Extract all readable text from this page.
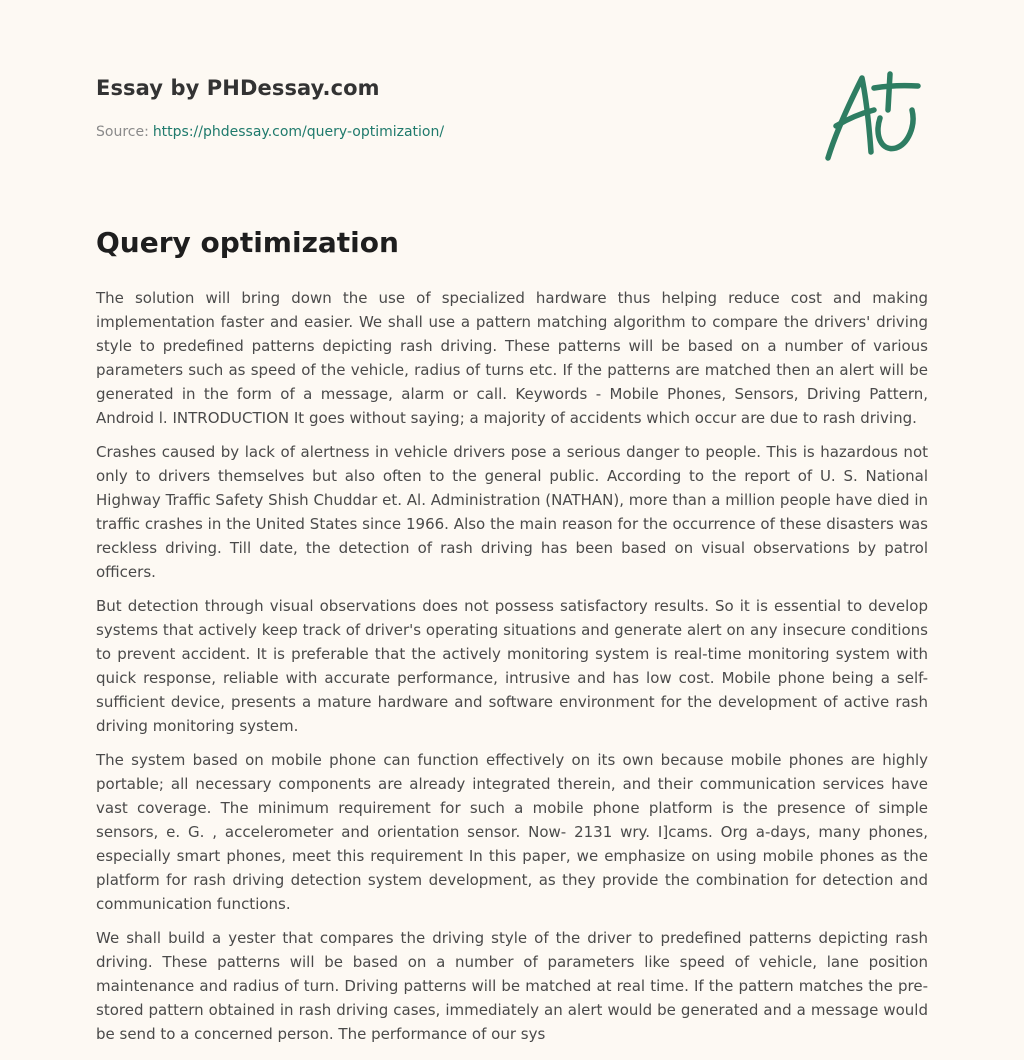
Essay by PHDessay.com
Source: https://phdessay.com/query-optimization/
Query optimization

The solution will bring down the use of specialized hardware thus helping reduce cost and making implementation faster and easier. We shall use a pattern matching algorithm to compare the drivers' driving style to predefined patterns depicting rash driving. These patterns will be based on a number of various parameters such as speed of the vehicle, radius of turns etc. If the patterns are matched then an alert will be generated in the form of a message, alarm or call. Keywords - Mobile Phones, Sensors, Driving Pattern, Android l. INTRODUCTION It goes without saying; a majority of accidents which occur are due to rash driving.

Crashes caused by lack of alertness in vehicle drivers pose a serious danger to people. This is hazardous not only to drivers themselves but also often to the general public. According to the report of U. S. National Highway Traffic Safety Shish Chuddar et. Al. Administration (NATHAN), more than a million people have died in traffic crashes in the United States since 1966. Also the main reason for the occurrence of these disasters was reckless driving. Till date, the detection of rash driving has been based on visual observations by patrol officers.

But detection through visual observations does not possess satisfactory results. So it is essential to develop systems that actively keep track of driver's operating situations and generate alert on any insecure conditions to prevent accident. It is preferable that the actively monitoring system is real-time monitoring system with quick response, reliable with accurate performance, intrusive and has low cost. Mobile phone being a self-sufficient device, presents a mature hardware and software environment for the development of active rash driving monitoring system.

The system based on mobile phone can function effectively on its own because mobile phones are highly portable; all necessary components are already integrated therein, and their communication services have vast coverage. The minimum requirement for such a mobile phone platform is the presence of simple sensors, e. G. , accelerometer and orientation sensor. Now- 2131 wry. I]cams. Org a-days, many phones, especially smart phones, meet this requirement In this paper, we emphasize on using mobile phones as the platform for rash driving detection system development, as they provide the combination for detection and communication functions.

We shall build a yester that compares the driving style of the driver to predefined patterns depicting rash driving. These patterns will be based on a number of parameters like speed of vehicle, lane position maintenance and radius of turn. Driving patterns will be matched at real time. If the pattern matches the pre-stored pattern obtained in rash driving cases, immediately an alert would be generated and a message would be send to a concerned person. The performance of our sys
